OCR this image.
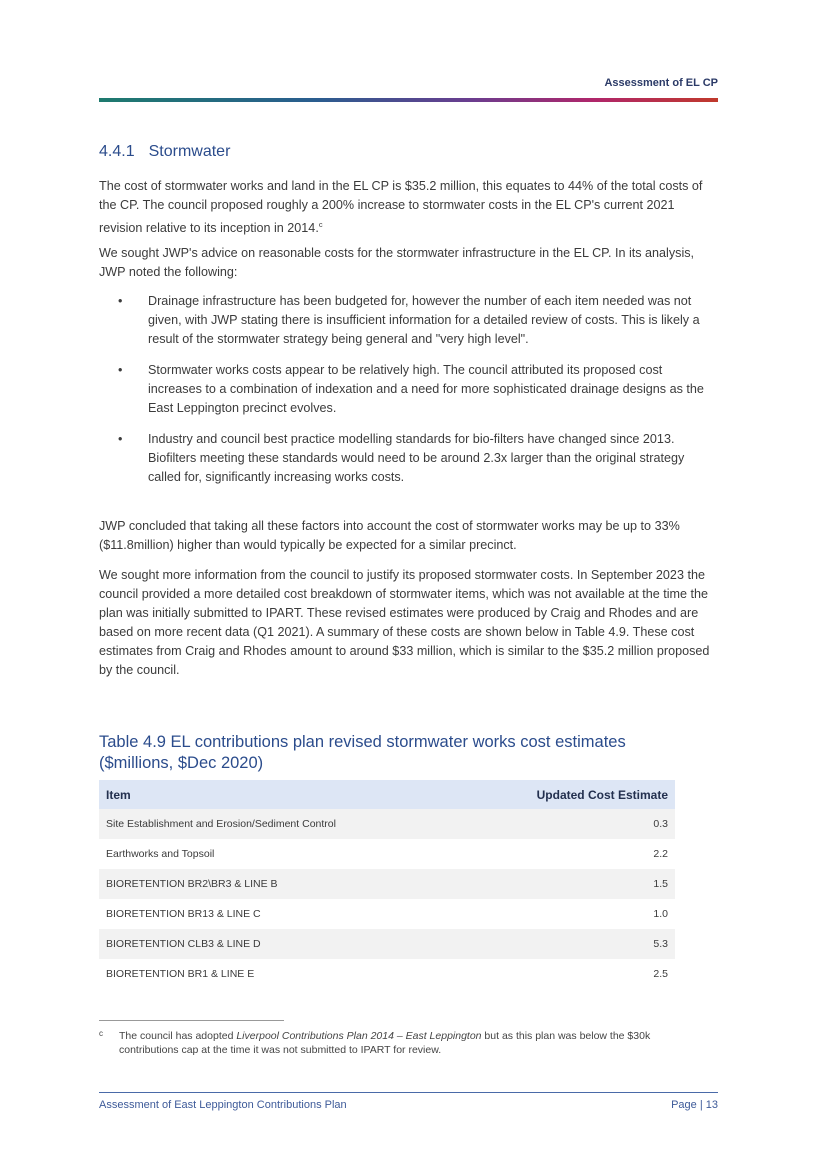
Assessment of EL CP
4.4.1 Stormwater
The cost of stormwater works and land in the EL CP is $35.2 million, this equates to 44% of the total costs of the CP. The council proposed roughly a 200% increase to stormwater costs in the EL CP's current 2021 revision relative to its inception in 2014.$^c$
We sought JWP's advice on reasonable costs for the stormwater infrastructure in the EL CP. In its analysis, JWP noted the following:
• Drainage infrastructure has been budgeted for, however the number of each item needed was not given, with JWP stating there is insufficient information for a detailed review of costs. This is likely a result of the stormwater strategy being general and "very high level".
• Stormwater works costs appear to be relatively high. The council attributed its proposed cost increases to a combination of indexation and a need for more sophisticated drainage designs as the East Leppington precinct evolves.
• Industry and council best practice modelling standards for bio-filters have changed since 2013. Biofilters meeting these standards would need to be around 2.3x larger than the original strategy called for, significantly increasing works costs.
JWP concluded that taking all these factors into account the cost of stormwater works may be up to 33% ($11.8million) higher than would typically be expected for a similar precinct.
We sought more information from the council to justify its proposed stormwater costs. In September 2023 the council provided a more detailed cost breakdown of stormwater items, which was not available at the time the plan was initially submitted to IPART. These revised estimates were produced by Craig and Rhodes and are based on more recent data (Q1 2021). A summary of these costs are shown below in Table 4.9. These cost estimates from Craig and Rhodes amount to around $33 million, which is similar to the $35.2 million proposed by the council.
Table 4.9 EL contributions plan revised stormwater works cost estimates ($millions, $Dec 2020)
Item	Updated Cost Estimate
Site Establishment and Erosion/Sediment Control	0.3
Earthworks and Topsoil	2.2
BIORETENTION BR2\BR3 & LINE B	1.5
BIORETENTION BR13 & LINE C	1.0
BIORETENTION CLB3 & LINE D	5.3
BIORETENTION BR1 & LINE E	2.5
c	The council has adopted Liverpool Contributions Plan 2014 – East Leppington but as this plan was below the $30k contributions cap at the time it was not submitted to IPART for review.
Assessment of East Leppington Contributions Plan	Page | 13
